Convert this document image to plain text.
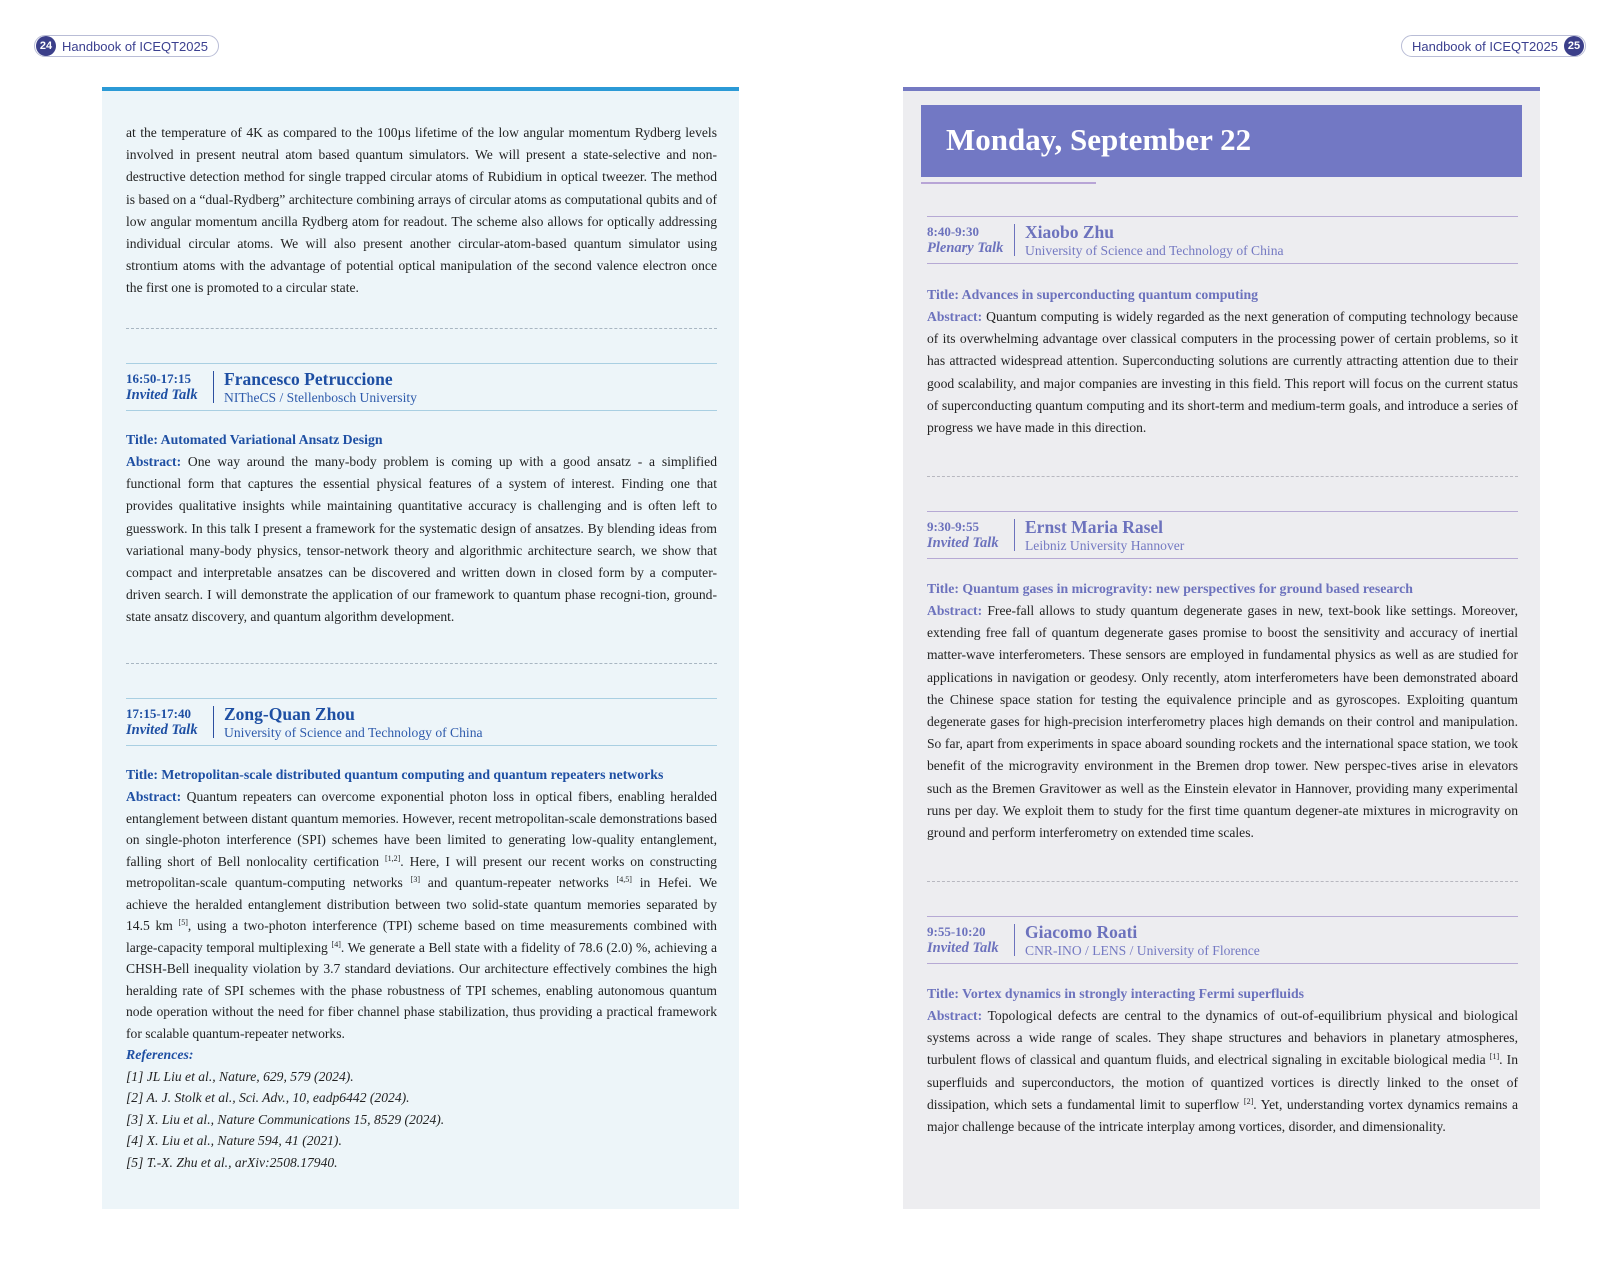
24 Handbook of ICEQT2025	Handbook of ICEQT2025 25

at the temperature of 4K as compared to the 100µs lifetime of the low angular momentum Rydberg levels involved in present neutral atom based quantum simulators. We will present a state-selective and non-destructive detection method for single trapped circular atoms of Rubidium in optical tweezer. The method is based on a “dual-Rydberg” architecture combining arrays of circular atoms as computational qubits and of low angular momentum ancilla Rydberg atom for readout. The scheme also allows for optically addressing individual circular atoms. We will also present another circular-atom-based quantum simulator using strontium atoms with the advantage of potential optical manipulation of the second valence electron once the first one is promoted to a circular state.

16:50-17:15
Invited Talk
Francesco Petruccione
NITheCS / Stellenbosch University
Title: Automated Variational Ansatz Design

Abstract: One way around the many-body problem is coming up with a good ansatz - a simplified functional form that captures the essential physical features of a system of interest. Finding one that provides qualitative insights while maintaining quantitative accuracy is challenging and is often left to guesswork. In this talk I present a framework for the systematic design of ansatzes. By blending ideas from variational many-body physics, tensor-network theory and algorithmic architecture search, we show that compact and interpretable ansatzes can be discovered and written down in closed form by a computer-driven search. I will demonstrate the application of our framework to quantum phase recogni-tion, ground-state ansatz discovery, and quantum algorithm development.

17:15-17:40
Invited Talk
Zong-Quan Zhou
University of Science and Technology of China
Title: Metropolitan-scale distributed quantum computing and quantum repeaters networks

Abstract: Quantum repeaters can overcome exponential photon loss in optical fibers, enabling heralded entanglement between distant quantum memories. However, recent metropolitan-scale demonstrations based on single-photon interference (SPI) schemes have been limited to generating low-quality entanglement, falling short of Bell nonlocality certification [1,2]. Here, I will present our recent works on constructing metropolitan-scale quantum-computing networks [3] and quantum-repeater networks [4,5] in Hefei. We achieve the heralded entanglement distribution between two solid-state quantum memories separated by 14.5 km [5], using a two-photon interference (TPI) scheme based on time measurements combined with large-capacity temporal multiplexing [4]. We generate a Bell state with a fidelity of 78.6 (2.0) %, achieving a CHSH-Bell inequality violation by 3.7 standard deviations. Our architecture effectively combines the high heralding rate of SPI schemes with the phase robustness of TPI schemes, enabling autonomous quantum node operation without the need for fiber channel phase stabilization, thus providing a practical framework for scalable quantum-repeater networks.

References:
[1] JL Liu et al., Nature, 629, 579 (2024).
[2] A. J. Stolk et al., Sci. Adv., 10, eadp6442 (2024).
[3] X. Liu et al., Nature Communications 15, 8529 (2024).
[4] X. Liu et al., Nature 594, 41 (2021).
[5] T.-X. Zhu et al., arXiv:2508.17940.
Monday, September 22
8:40-9:30
Plenary Talk
Xiaobo Zhu
University of Science and Technology of China
Title: Advances in superconducting quantum computing

Abstract: Quantum computing is widely regarded as the next generation of computing technology because of its overwhelming advantage over classical computers in the processing power of certain problems, so it has attracted widespread attention. Superconducting solutions are currently attracting attention due to their good scalability, and major companies are investing in this field. This report will focus on the current status of superconducting quantum computing and its short-term and medium-term goals, and introduce a series of progress we have made in this direction.

9:30-9:55
Invited Talk
Ernst Maria Rasel
Leibniz University Hannover
Title: Quantum gases in microgravity: new perspectives for ground based research

Abstract: Free-fall allows to study quantum degenerate gases in new, text-book like settings. Moreover, extending free fall of quantum degenerate gases promise to boost the sensitivity and accuracy of inertial matter-wave interferometers. These sensors are employed in fundamental physics as well as are studied for applications in navigation or geodesy. Only recently, atom interferometers have been demonstrated aboard the Chinese space station for testing the equivalence principle and as gyroscopes. Exploiting quantum degenerate gases for high-precision interferometry places high demands on their control and manipulation. So far, apart from experiments in space aboard sounding rockets and the international space station, we took benefit of the microgravity environment in the Bremen drop tower. New perspec-tives arise in elevators such as the Bremen Gravitower as well as the Einstein elevator in Hannover, providing many experimental runs per day. We exploit them to study for the first time quantum degener-ate mixtures in microgravity on ground and perform interferometry on extended time scales.

9:55-10:20
Invited Talk
Giacomo Roati
CNR-INO / LENS / University of Florence
Title: Vortex dynamics in strongly interacting Fermi superfluids

Abstract: Topological defects are central to the dynamics of out-of-equilibrium physical and biological systems across a wide range of scales. They shape structures and behaviors in planetary atmospheres, turbulent flows of classical and quantum fluids, and electrical signaling in excitable biological media [1]. In superfluids and superconductors, the motion of quantized vortices is directly linked to the onset of dissipation, which sets a fundamental limit to superflow [2]. Yet, understanding vortex dynamics remains a major challenge because of the intricate interplay among vortices, disorder, and dimensionality.
